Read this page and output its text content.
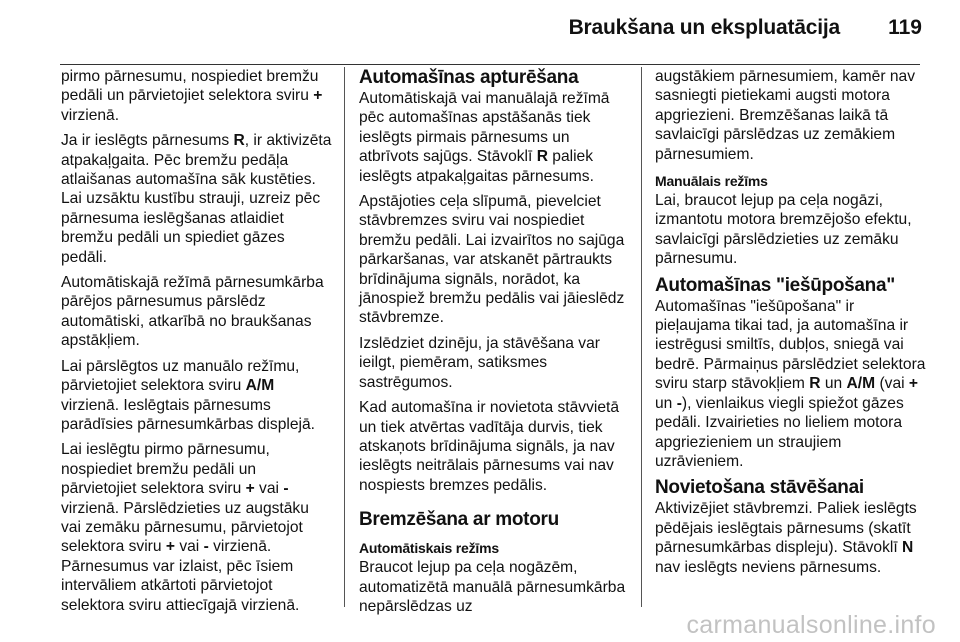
Braukšana un ekspluatācija 119

pirmo pārnesumu, nospiediet bremžu pedāli un pārvietojiet selektora sviru + virzienā.

Ja ir ieslēgts pārnesums R, ir aktivizēta atpakaļgaita. Pēc bremžu pedāļa atlaišanas automašīna sāk kustēties. Lai uzsāktu kustību strauji, uzreiz pēc pārnesuma ieslēgšanas atlaidiet bremžu pedāli un spiediet gāzes pedāli.

Automātiskajā režīmā pārnesumkārba pārējos pārnesumus pārslēdz automātiski, atkarībā no braukšanas apstākļiem.

Lai pārslēgtos uz manuālo režīmu, pārvietojiet selektora sviru A/M virzienā. Ieslēgtais pārnesums parādīsies pārnesumkārbas displejā.

Lai ieslēgtu pirmo pārnesumu, nospiediet bremžu pedāli un pārvietojiet selektora sviru + vai - virzienā. Pārslēdzieties uz augstāku vai zemāku pārnesumu, pārvietojot selektora sviru + vai - virzienā. Pārnesumus var izlaist, pēc īsiem intervāliem atkārtoti pārvietojot selektora sviru attiecīgajā virzienā.

Automašīnas apturēšana

Automātiskajā vai manuālajā režīmā pēc automašīnas apstāšanās tiek ieslēgts pirmais pārnesums un atbrīvots sajūgs. Stāvoklī R paliek ieslēgts atpakaļgaitas pārnesums.

Apstājoties ceļa slīpumā, pievelciet stāvbremzes sviru vai nospiediet bremžu pedāli. Lai izvairītos no sajūga pārkaršanas, var atskanēt pārtraukts brīdinājuma signāls, norādot, ka jānospiež bremžu pedālis vai jāieslēdz stāvbremze.

Izslēdziet dzinēju, ja stāvēšana var ieilgt, piemēram, satiksmes sastrēgumos.

Kad automašīna ir novietota stāvvietā un tiek atvērtas vadītāja durvis, tiek atskaņots brīdinājuma signāls, ja nav ieslēgts neitrālais pārnesums vai nav nospiests bremzes pedālis.

Bremzēšana ar motoru
Automātiskais režīms

Braucot lejup pa ceļa nogāzēm, automatizētā manuālā pārnesumkārba nepārslēdzas uz

augstākiem pārnesumiem, kamēr nav sasniegti pietiekami augsti motora apgriezieni. Bremzēšanas laikā tā savlaicīgi pārslēdzas uz zemākiem pārnesumiem.

Manuālais režīms

Lai, braucot lejup pa ceļa nogāzi, izmantotu motora bremzējošo efektu, savlaicīgi pārslēdzieties uz zemāku pārnesumu.

Automašīnas "iešūpošana"

Automašīnas "iešūpošana" ir pieļaujama tikai tad, ja automašīna ir iestrēgusi smiltīs, dubļos, sniegā vai bedrē. Pārmaiņus pārslēdziet selektora sviru starp stāvokļiem R un A/M (vai + un -), vienlaikus viegli spiežot gāzes pedāli. Izvairieties no lieliem motora apgriezieniem un straujiem uzrāvieniem.

Novietošana stāvēšanai

Aktivizējiet stāvbremzi. Paliek ieslēgts pēdējais ieslēgtais pārnesums (skatīt pārnesumkārbas displeju). Stāvoklī N nav ieslēgts neviens pārnesums.

carmanualsonline.info
